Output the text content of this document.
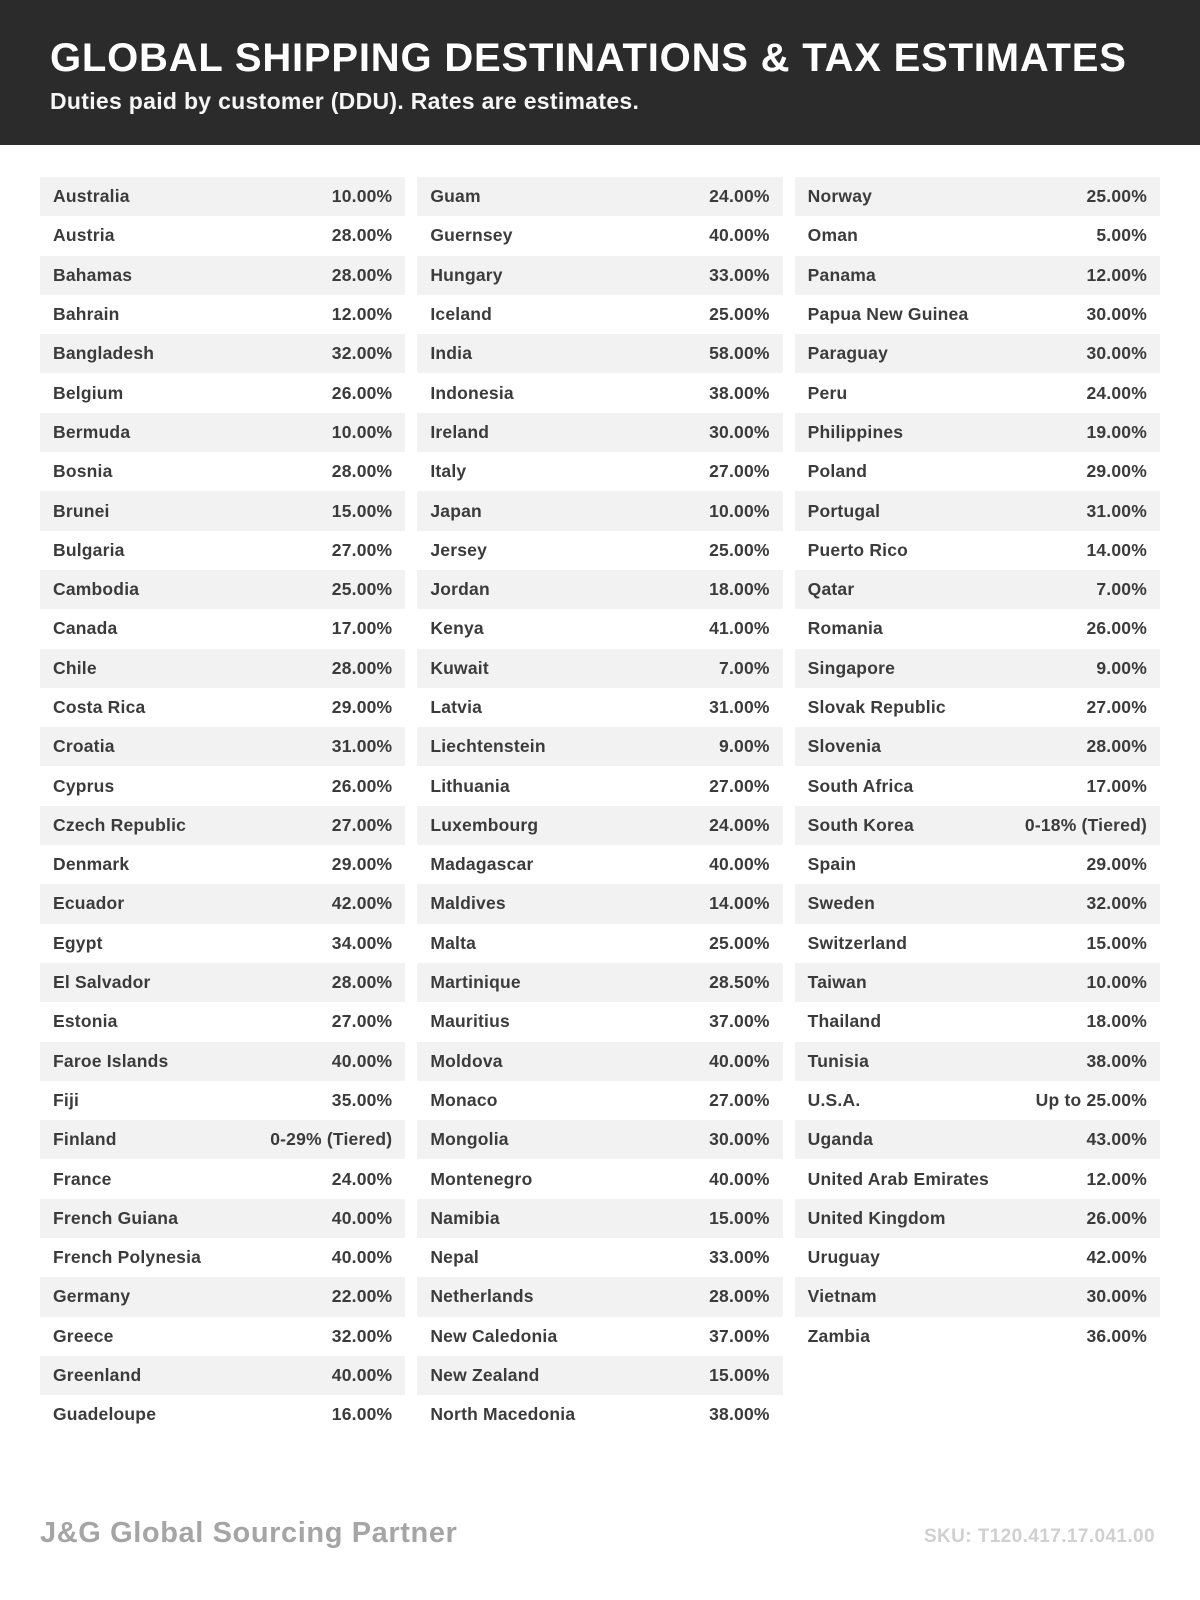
GLOBAL SHIPPING DESTINATIONS & TAX ESTIMATES

Duties paid by customer (DDU). Rates are estimates.

Australia	10.00%
Austria	28.00%
Bahamas	28.00%
Bahrain	12.00%
Bangladesh	32.00%
Belgium	26.00%
Bermuda	10.00%
Bosnia	28.00%
Brunei	15.00%
Bulgaria	27.00%
Cambodia	25.00%
Canada	17.00%
Chile	28.00%
Costa Rica	29.00%
Croatia	31.00%
Cyprus	26.00%
Czech Republic	27.00%
Denmark	29.00%
Ecuador	42.00%
Egypt	34.00%
El Salvador	28.00%
Estonia	27.00%
Faroe Islands	40.00%
Fiji	35.00%
Finland	0-29% (Tiered)
France	24.00%
French Guiana	40.00%
French Polynesia	40.00%
Germany	22.00%
Greece	32.00%
Greenland	40.00%
Guadeloupe	16.00%
Guam	24.00%
Guernsey	40.00%
Hungary	33.00%
Iceland	25.00%
India	58.00%
Indonesia	38.00%
Ireland	30.00%
Italy	27.00%
Japan	10.00%
Jersey	25.00%
Jordan	18.00%
Kenya	41.00%
Kuwait	7.00%
Latvia	31.00%
Liechtenstein	9.00%
Lithuania	27.00%
Luxembourg	24.00%
Madagascar	40.00%
Maldives	14.00%
Malta	25.00%
Martinique	28.50%
Mauritius	37.00%
Moldova	40.00%
Monaco	27.00%
Mongolia	30.00%
Montenegro	40.00%
Namibia	15.00%
Nepal	33.00%
Netherlands	28.00%
New Caledonia	37.00%
New Zealand	15.00%
North Macedonia	38.00%
Norway	25.00%
Oman	5.00%
Panama	12.00%
Papua New Guinea	30.00%
Paraguay	30.00%
Peru	24.00%
Philippines	19.00%
Poland	29.00%
Portugal	31.00%
Puerto Rico	14.00%
Qatar	7.00%
Romania	26.00%
Singapore	9.00%
Slovak Republic	27.00%
Slovenia	28.00%
South Africa	17.00%
South Korea	0-18% (Tiered)
Spain	29.00%
Sweden	32.00%
Switzerland	15.00%
Taiwan	10.00%
Thailand	18.00%
Tunisia	38.00%
U.S.A.	Up to 25.00%
Uganda	43.00%
United Arab Emirates	12.00%
United Kingdom	26.00%
Uruguay	42.00%
Vietnam	30.00%
Zambia	36.00%
J&G Global Sourcing Partner	SKU: T120.417.17.041.00
